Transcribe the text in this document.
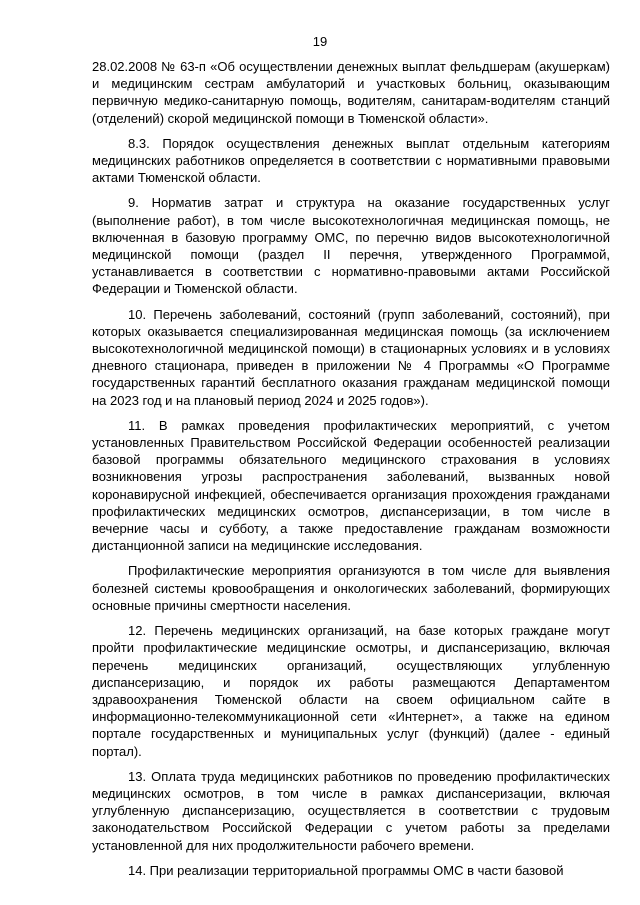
19

28.02.2008 № 63-п «Об осуществлении денежных выплат фельдшерам (акушеркам) и медицинским сестрам амбулаторий и участковых больниц, оказывающим первичную медико-санитарную помощь, водителям, санитарам-водителям станций (отделений) скорой медицинской помощи в Тюменской области».

8.3. Порядок осуществления денежных выплат отдельным категориям медицинских работников определяется в соответствии с нормативными правовыми актами Тюменской области.

9. Норматив затрат и структура на оказание государственных услуг (выполнение работ), в том числе высокотехнологичная медицинская помощь, не включенная в базовую программу ОМС, по перечню видов высокотехнологичной медицинской помощи (раздел II перечня, утвержденного Программой, устанавливается в соответствии с нормативно-правовыми актами Российской Федерации и Тюменской области.

10. Перечень заболеваний, состояний (групп заболеваний, состояний), при которых оказывается специализированная медицинская помощь (за исключением высокотехнологичной медицинской помощи) в стационарных условиях и в условиях дневного стационара, приведен в приложении № 4 Программы «О Программе государственных гарантий бесплатного оказания гражданам медицинской помощи на 2023 год и на плановый период 2024 и 2025 годов»).

11. В рамках проведения профилактических мероприятий, с учетом установленных Правительством Российской Федерации особенностей реализации базовой программы обязательного медицинского страхования в условиях возникновения угрозы распространения заболеваний, вызванных новой коронавирусной инфекцией, обеспечивается организация прохождения гражданами профилактических медицинских осмотров, диспансеризации, в том числе в вечерние часы и субботу, а также предоставление гражданам возможности дистанционной записи на медицинские исследования.

Профилактические мероприятия организуются в том числе для выявления болезней системы кровообращения и онкологических заболеваний, формирующих основные причины смертности населения.

12. Перечень медицинских организаций, на базе которых граждане могут пройти профилактические медицинские осмотры, и диспансеризацию, включая перечень медицинских организаций, осуществляющих углубленную диспансеризацию, и порядок их работы размещаются Департаментом здравоохранения Тюменской области на своем официальном сайте в информационно-телекоммуникационной сети «Интернет», а также на едином портале государственных и муниципальных услуг (функций) (далее - единый портал).

13. Оплата труда медицинских работников по проведению профилактических медицинских осмотров, в том числе в рамках диспансеризации, включая углубленную диспансеризацию, осуществляется в соответствии с трудовым законодательством Российской Федерации с учетом работы за пределами установленной для них продолжительности рабочего времени.

14. При реализации территориальной программы ОМС в части базовой
